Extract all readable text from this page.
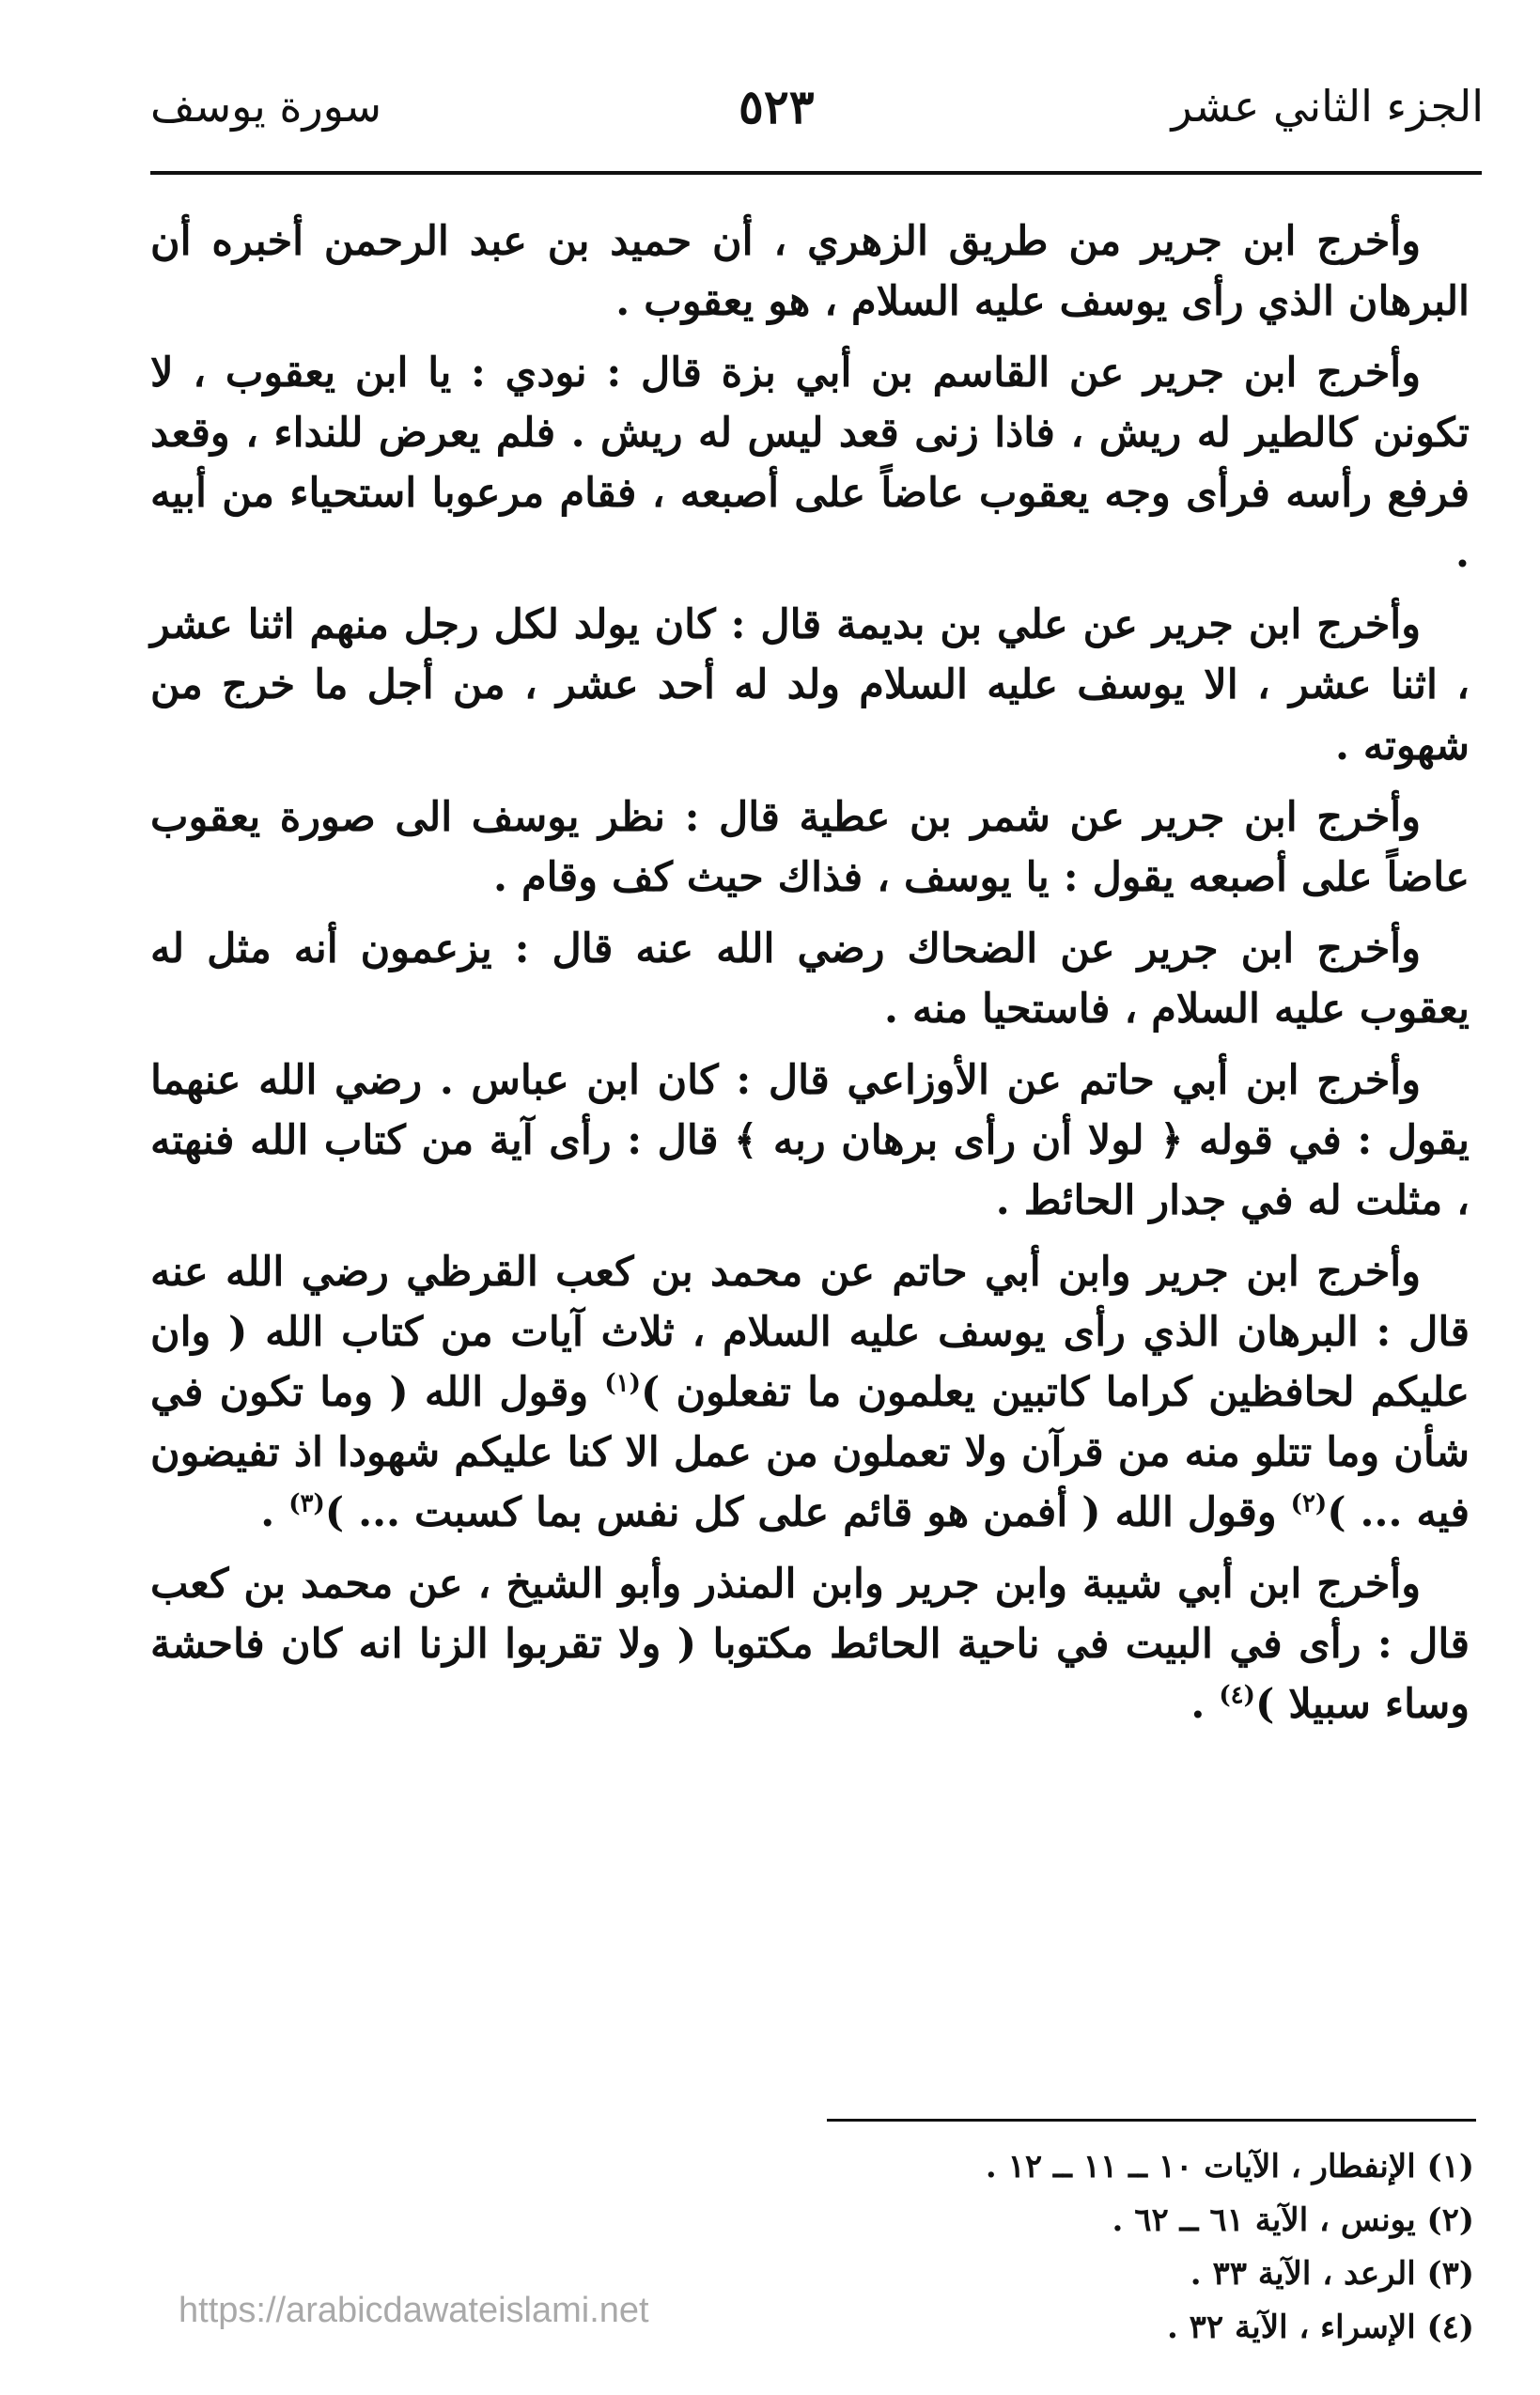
الجزء الثاني عشر
٥٢٣
سورة يوسف

وأخرج ابن جرير من طريق الزهري ، أن حميد بن عبد الرحمن أخبره أن البرهان الذي رأى يوسف عليه السلام ، هو يعقوب .

وأخرج ابن جرير عن القاسم بن أبي بزة قال : نودي : يا ابن يعقوب ، لا تكونن كالطير له ريش ، فاذا زنى قعد ليس له ريش . فلم يعرض للنداء ، وقعد فرفع رأسه فرأى وجه يعقوب عاضاً على أصبعه ، فقام مرعوبا استحياء من أبيه .

وأخرج ابن جرير عن علي بن بديمة قال : كان يولد لكل رجل منهم اثنا عشر ، اثنا عشر ، الا يوسف عليه السلام ولد له أحد عشر ، من أجل ما خرج من شهوته .

وأخرج ابن جرير عن شمر بن عطية قال : نظر يوسف الى صورة يعقوب عاضاً على أصبعه يقول : يا يوسف ، فذاك حيث كف وقام .

وأخرج ابن جرير عن الضحاك رضي الله عنه قال : يزعمون أنه مثل له يعقوب عليه السلام ، فاستحيا منه .

وأخرج ابن أبي حاتم عن الأوزاعي قال : كان ابن عباس . رضي الله عنهما يقول : في قوله ﴿ لولا أن رأى برهان ربه ﴾ قال : رأى آية من كتاب الله فنهته ، مثلت له في جدار الحائط .

وأخرج ابن جرير وابن أبي حاتم عن محمد بن كعب القرظي رضي الله عنه قال : البرهان الذي رأى يوسف عليه السلام ، ثلاث آيات من كتاب الله ( وان عليكم لحافظين كراما كاتبين يعلمون ما تفعلون )$^{(١)}$ وقول الله ( وما تكون في شأن وما تتلو منه من قرآن ولا تعملون من عمل الا كنا عليكم شهودا اذ تفيضون فيه ... )$^{(٢)}$ وقول الله ( أفمن هو قائم على كل نفس بما كسبت ... )$^{(٣)}$ .

وأخرج ابن أبي شيبة وابن جرير وابن المنذر وأبو الشيخ ، عن محمد بن كعب قال : رأى في البيت في ناحية الحائط مكتوبا ( ولا تقربوا الزنا انه كان فاحشة وساء سبيلا )$^{(٤)}$ .

(١) الإنفطار ، الآيات ١٠ ــ ١١ ــ ١٢ .

(٢) يونس ، الآية ٦١ ــ ٦٢ .

(٣) الرعد ، الآية ٣٣ .

(٤) الإسراء ، الآية ٣٢ .

https://arabicdawateislami.net
